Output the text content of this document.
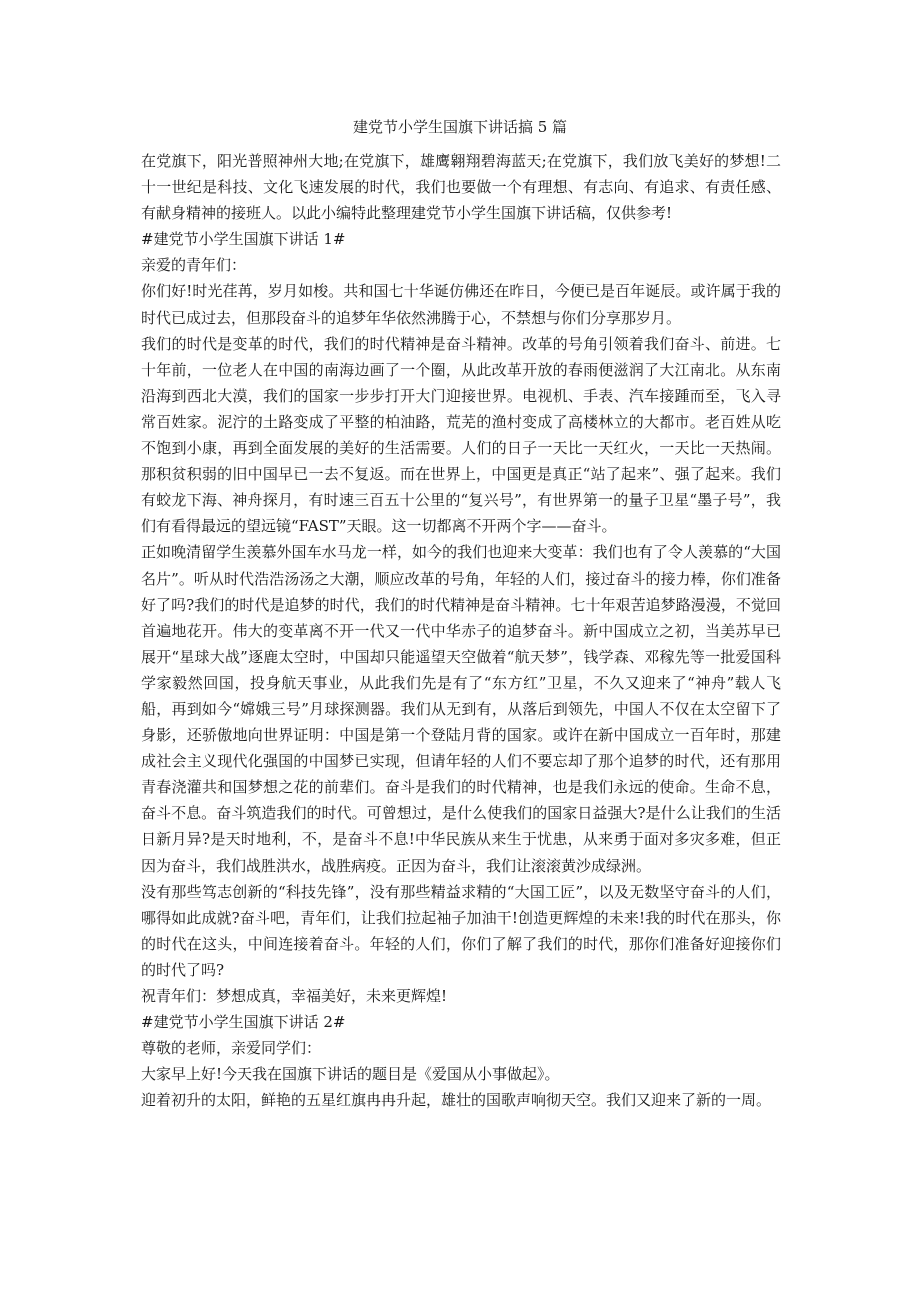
建党节小学生国旗下讲话搞 5 篇

在党旗下，阳光普照神州大地;在党旗下，雄鹰翱翔碧海蓝天;在党旗下，我们放飞美好的梦想!二十一世纪是科技、文化飞速发展的时代，我们也要做一个有理想、有志向、有追求、有责任感、有献身精神的接班人。以此小编特此整理建党节小学生国旗下讲话稿，仅供参考!

#建党节小学生国旗下讲话 1#

亲爱的青年们：

你们好!时光荏苒，岁月如梭。共和国七十华诞仿佛还在昨日，今便已是百年诞辰。或许属于我的时代已成过去，但那段奋斗的追梦年华依然沸腾于心，不禁想与你们分享那岁月。

我们的时代是变革的时代，我们的时代精神是奋斗精神。改革的号角引领着我们奋斗、前进。七十年前，一位老人在中国的南海边画了一个圈，从此改革开放的春雨便滋润了大江南北。从东南沿海到西北大漠，我们的国家一步步打开大门迎接世界。电视机、手表、汽车接踵而至，飞入寻常百姓家。泥泞的土路变成了平整的柏油路，荒芜的渔村变成了高楼林立的大都市。老百姓从吃不饱到小康，再到全面发展的美好的生活需要。人们的日子一天比一天红火，一天比一天热闹。那积贫积弱的旧中国早已一去不复返。而在世界上，中国更是真正“站了起来”、强了起来。我们有蛟龙下海、神舟探月，有时速三百五十公里的“复兴号”，有世界第一的量子卫星“墨子号”，我们有看得最远的望远镜“FAST”天眼。这一切都离不开两个字——奋斗。

正如晚清留学生羡慕外国车水马龙一样，如今的我们也迎来大变革：我们也有了令人羡慕的“大国名片”。听从时代浩浩汤汤之大潮，顺应改革的号角，年轻的人们，接过奋斗的接力棒，你们准备好了吗?我们的时代是追梦的时代，我们的时代精神是奋斗精神。七十年艰苦追梦路漫漫，不觉回首遍地花开。伟大的变革离不开一代又一代中华赤子的追梦奋斗。新中国成立之初，当美苏早已展开“星球大战”逐鹿太空时，中国却只能遥望天空做着“航天梦”，钱学森、邓稼先等一批爱国科学家毅然回国，投身航天事业，从此我们先是有了“东方红”卫星，不久又迎来了“神舟”载人飞船，再到如今“嫦娥三号”月球探测器。我们从无到有，从落后到领先，中国人不仅在太空留下了身影，还骄傲地向世界证明：中国是第一个登陆月背的国家。或许在新中国成立一百年时，那建成社会主义现代化强国的中国梦已实现，但请年轻的人们不要忘却了那个追梦的时代，还有那用青春浇灌共和国梦想之花的前辈们。奋斗是我们的时代精神，也是我们永远的使命。生命不息，奋斗不息。奋斗筑造我们的时代。可曾想过，是什么使我们的国家日益强大?是什么让我们的生活日新月异?是天时地利，不，是奋斗不息!中华民族从来生于忧患，从来勇于面对多灾多难，但正因为奋斗，我们战胜洪水，战胜病疫。正因为奋斗，我们让滚滚黄沙成绿洲。

没有那些笃志创新的“科技先锋”，没有那些精益求精的“大国工匠”，以及无数坚守奋斗的人们，哪得如此成就?奋斗吧，青年们，让我们拉起袖子加油干!创造更辉煌的未来!我的时代在那头，你的时代在这头，中间连接着奋斗。年轻的人们，你们了解了我们的时代，那你们准备好迎接你们的时代了吗?

祝青年们：梦想成真，幸福美好，未来更辉煌!

#建党节小学生国旗下讲话 2#

尊敬的老师，亲爱同学们：

大家早上好!今天我在国旗下讲话的题目是《爱国从小事做起》。

迎着初升的太阳，鲜艳的五星红旗冉冉升起，雄壮的国歌声响彻天空。我们又迎来了新的一周。
